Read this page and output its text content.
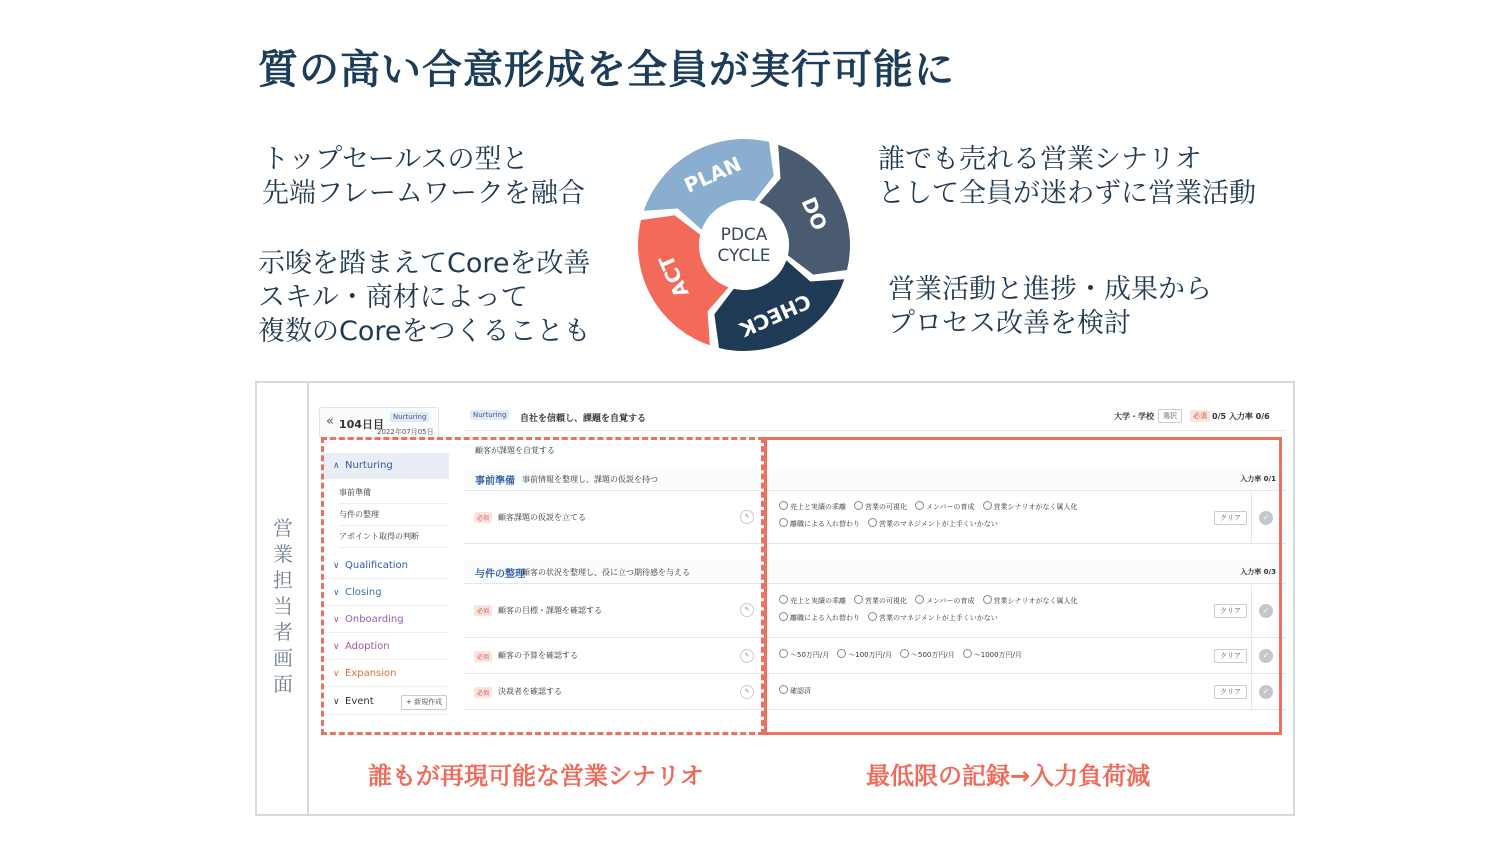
質の高い合意形成を全員が実行可能に
トップセールスの型と
先端フレームワークを融合
示唆を踏まえてCoreを改善
スキル・商材によって
複数のCoreをつくることも
誰でも売れる営業シナリオ
として全員が迷わずに営業活動
営業活動と進捗・成果から
プロセス改善を検討
PLAN
DO
CHECK
ACT
PDCA
CYCLE
営業担当者画面
« 104日目
Nurturing
2022年07月05日
∧ Nurturing
事前準備
与件の整理
アポイント取得の判断
∨ Qualification
∨ Closing
∨ Onboarding
∨ Adoption
∨ Expansion
∨ Event	+ 新規作成
Nurturing	自社を信頼し、課題を自覚する	大学・学校	選択	必須 0/5 入力率 0/6
顧客が課題を自覚する
事前準備 事前情報を整理し、課題の仮説を持つ	入力率 0/1
必須	顧客課題の仮説を立てる	✎
売上と実績の乖離	営業の可視化	メンバーの育成	営業シナリオがなく属人化
離職による入れ替わり	営業のマネジメントが上手くいかない
クリア	✓
与件の整理
顧客の状況を整理し、役に立つ期待感を与える	入力率 0/3
必須	顧客の目標・課題を確認する	✎
売上と実績の乖離	営業の可視化	メンバーの育成	営業シナリオがなく属人化
離職による入れ替わり	営業のマネジメントが上手くいかない
クリア	✓
必須	顧客の予算を確認する	✎	〜50万円/月	〜100万円/月	〜500万円/月	〜1000万円/月	クリア	✓
必須	決裁者を確認する	✎	確認済	クリア	✓
誰もが再現可能な営業シナリオ	最低限の記録→入力負荷減
